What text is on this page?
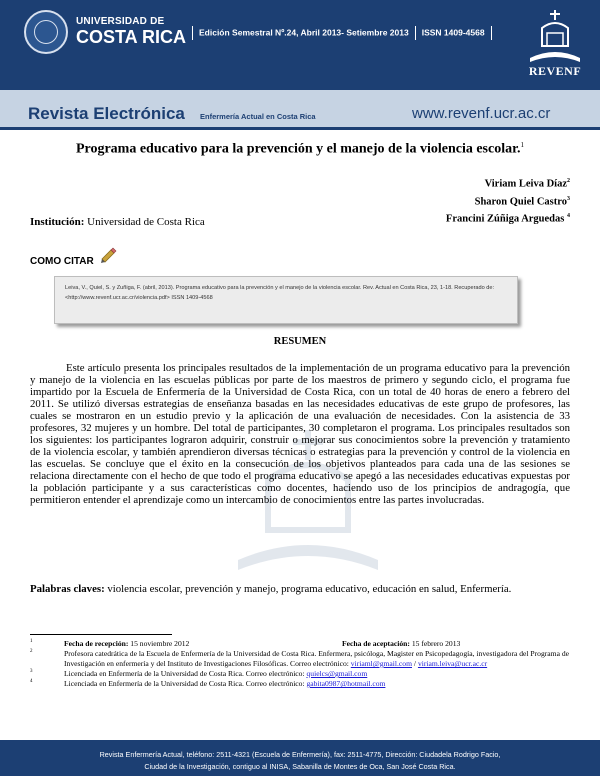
UNIVERSIDAD DE
COSTA RICA	Edición Semestral Nº.24, Abril 2013- Setiembre 2013 ISSN 1409-4568
REVENF
Revista Electrónica Enfermería Actual en Costa Rica	www.revenf.ucr.ac.cr
Programa educativo para la prevención y el manejo de la violencia escolar.$^1$
Viriam Leiva Díaz$^2$
Sharon Quiel Castro$^3$
Francini Zúñiga Arguedas $^4$
Institución: Universidad de Costa Rica
COMO CITAR
Leiva, V., Quiel, S. y Zuñiga, F. (abril, 2013). Programa educativo para la prevención y el manejo de la violencia escolar. Rev. Actual en Costa Rica, 23, 1-18. Recuperado de: <http://www.revenf.ucr.ac.cr/violencia.pdf> ISSN 1409-4568
RESUMEN
Este artículo presenta los principales resultados de la implementación de un programa educativo para la prevención y manejo de la violencia en las escuelas públicas por parte de los maestros de primero y segundo ciclo, el programa fue impartido por la Escuela de Enfermería de la Universidad de Costa Rica, con un total de 40 horas de enero a febrero del 2011. Se utilizó diversas estrategias de enseñanza basadas en las necesidades educativas de este grupo de profesores, las cuales se mostraron en un estudio previo y la aplicación de una evaluación de necesidades. Con la asistencia de 33 profesores, 32 mujeres y un hombre. Del total de participantes, 30 completaron el programa. Los principales resultados son los siguientes: los participantes lograron adquirir, construir o mejorar sus conocimientos sobre la prevención y tratamiento de la violencia escolar, y también aprendieron diversas técnicas o estrategias para la prevención y control de la violencia en las escuelas. Se concluye que el éxito en la consecución de los objetivos planteados para cada una de las sesiones se relaciona directamente con el hecho de que todo el programa educativo se apegó a las necesidades educativas expuestas por la población participante y a sus características como docentes, haciendo uso de los principios de andragogía, que permitieron entender el aprendizaje como un intercambio de conocimientos entre las partes involucradas.
Palabras claves: violencia escolar, prevención y manejo, programa educativo, educación en salud, Enfermería.
1	Fecha de recepción: 15 noviembre 2012	Fecha de aceptación: 15 febrero 2013
2	Profesora catedrática de la Escuela de Enfermería de la Universidad de Costa Rica. Enfermera, psicóloga, Magister en Psicopedagogía, investigadora del Programa de Investigación en enfermería y del Instituto de Investigaciones Filosóficas. Correo electrónico: viriaml@gmail.com / viriam.leiva@ucr.ac.cr
3	Licenciada en Enfermería de la Universidad de Costa Rica. Correo electrónico: quielcs@gmail.com
4	Licenciada en Enfermería de la Universidad de Costa Rica. Correo electrónico: gabita0987@hotmail.com
Revista Enfermería Actual, teléfono: 2511-4321 (Escuela de Enfermería), fax: 2511-4775, Dirección: Ciudadela Rodrigo Facio,
Ciudad de la Investigación, contiguo al INISA, Sabanilla de Montes de Oca, San José Costa Rica.
